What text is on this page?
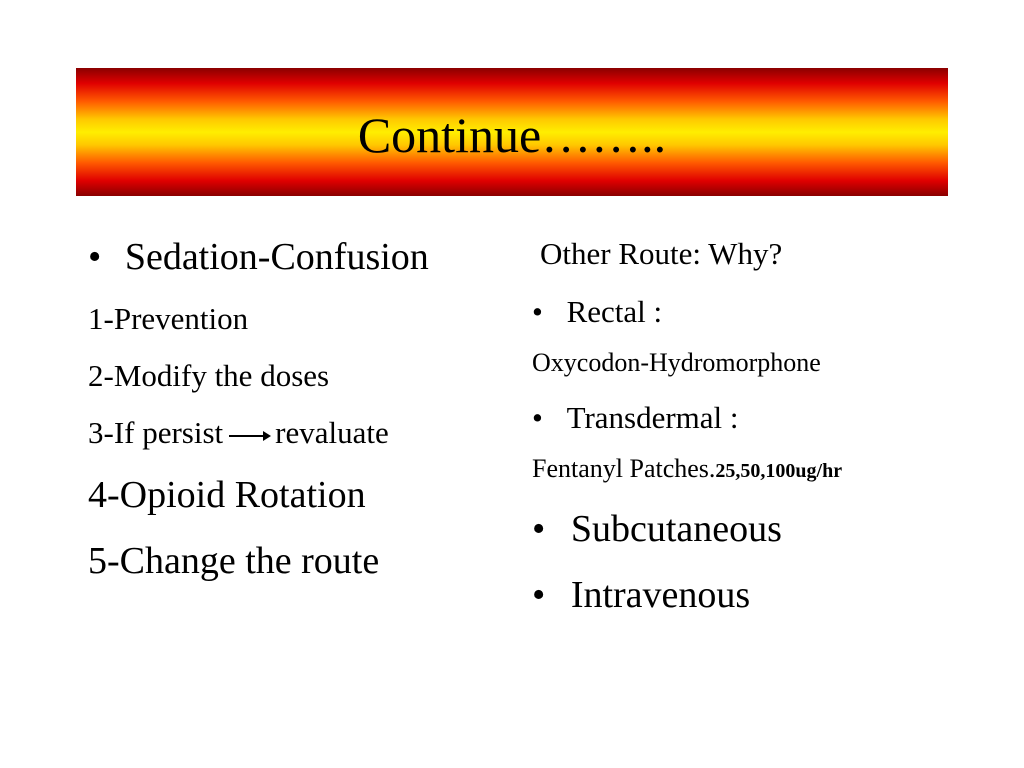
Continue……..
• Sedation-Confusion
1-Prevention
2-Modify the doses
3-If persist revaluate
4-Opioid Rotation
5-Change the route
Other Route: Why?
• Rectal :
Oxycodon-Hydromorphone
• Transdermal :
Fentanyl Patches.25,50,100ug/hr
• Subcutaneous
• Intravenous
